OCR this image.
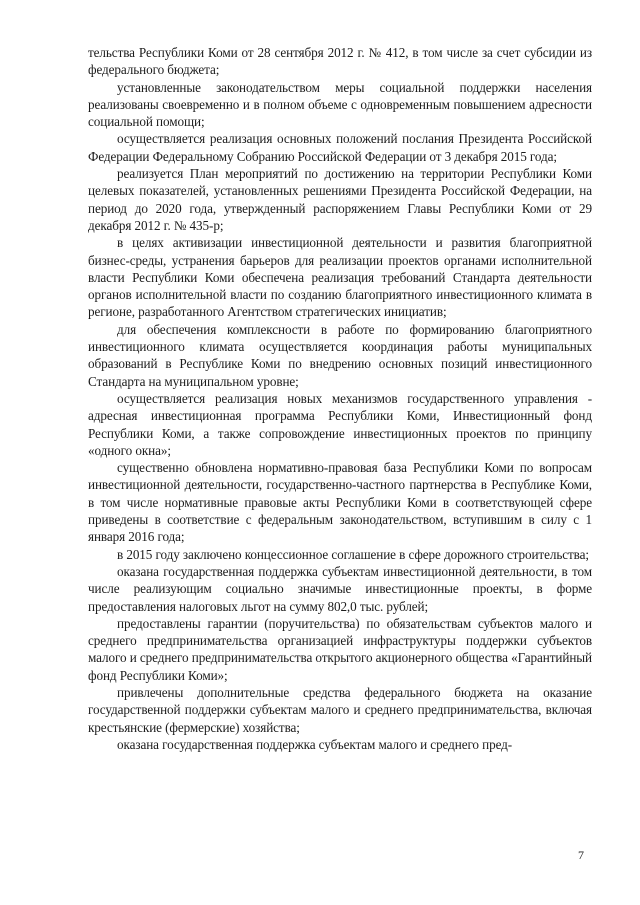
тельства Республики Коми от 28 сентября 2012 г. № 412, в том числе за счет субсидии из федерального бюджета;

установленные законодательством меры социальной поддержки населения реализованы своевременно и в полном объеме с одновременным повышением адресности социальной помощи;

осуществляется реализация основных положений послания Президента Российской Федерации Федеральному Собранию Российской Федерации от 3 декабря 2015 года;

реализуется План мероприятий по достижению на территории Республики Коми целевых показателей, установленных решениями Президента Российской Федерации, на период до 2020 года, утвержденный распоряжением Главы Республики Коми от 29 декабря 2012 г. № 435-р;

в целях активизации инвестиционной деятельности и развития благоприятной бизнес-среды, устранения барьеров для реализации проектов органами исполнительной власти Республики Коми обеспечена реализация требований Стандарта деятельности органов исполнительной власти по созданию благоприятного инвестиционного климата в регионе, разработанного Агентством стратегических инициатив;

для обеспечения комплексности в работе по формированию благоприятного инвестиционного климата осуществляется координация работы муниципальных образований в Республике Коми по внедрению основных позиций инвестиционного Стандарта на муниципальном уровне;

осуществляется реализация новых механизмов государственного управления - адресная инвестиционная программа Республики Коми, Инвестиционный фонд Республики Коми, а также сопровождение инвестиционных проектов по принципу «одного окна»;

существенно обновлена нормативно-правовая база Республики Коми по вопросам инвестиционной деятельности, государственно-частного партнерства в Республике Коми, в том числе нормативные правовые акты Республики Коми в соответствующей сфере приведены в соответствие с федеральным законодательством, вступившим в силу с 1 января 2016 года;

в 2015 году заключено концессионное соглашение в сфере дорожного строительства;

оказана государственная поддержка субъектам инвестиционной деятельности, в том числе реализующим социально значимые инвестиционные проекты, в форме предоставления налоговых льгот на сумму 802,0 тыс. рублей;

предоставлены гарантии (поручительства) по обязательствам субъектов малого и среднего предпринимательства организацией инфраструктуры поддержки субъектов малого и среднего предпринимательства открытого акционерного общества «Гарантийный фонд Республики Коми»;

привлечены дополнительные средства федерального бюджета на оказание государственной поддержки субъектам малого и среднего предпринимательства, включая крестьянские (фермерские) хозяйства;

оказана государственная поддержка субъектам малого и среднего пред-

7
